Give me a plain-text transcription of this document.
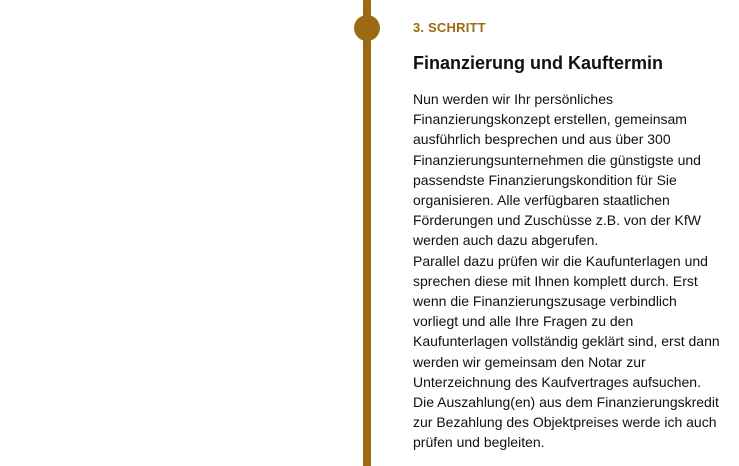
3. SCHRITT
Finanzierung und Kauftermin
Nun werden wir Ihr persönliches
Finanzierungskonzept erstellen, gemeinsam
ausführlich besprechen und aus über 300
Finanzierungsunternehmen die günstigste und
passendste Finanzierungskondition für Sie
organisieren. Alle verfügbaren staatlichen
Förderungen und Zuschüsse z.B. von der KfW
werden auch dazu abgerufen.
Parallel dazu prüfen wir die Kaufunterlagen und
sprechen diese mit Ihnen komplett durch. Erst
wenn die Finanzierungszusage verbindlich
vorliegt und alle Ihre Fragen zu den
Kaufunterlagen vollständig geklärt sind, erst dann
werden wir gemeinsam den Notar zur
Unterzeichnung des Kaufvertrages aufsuchen.
Die Auszahlung(en) aus dem Finanzierungskredit
zur Bezahlung des Objektpreises werde ich auch
prüfen und begleiten.
